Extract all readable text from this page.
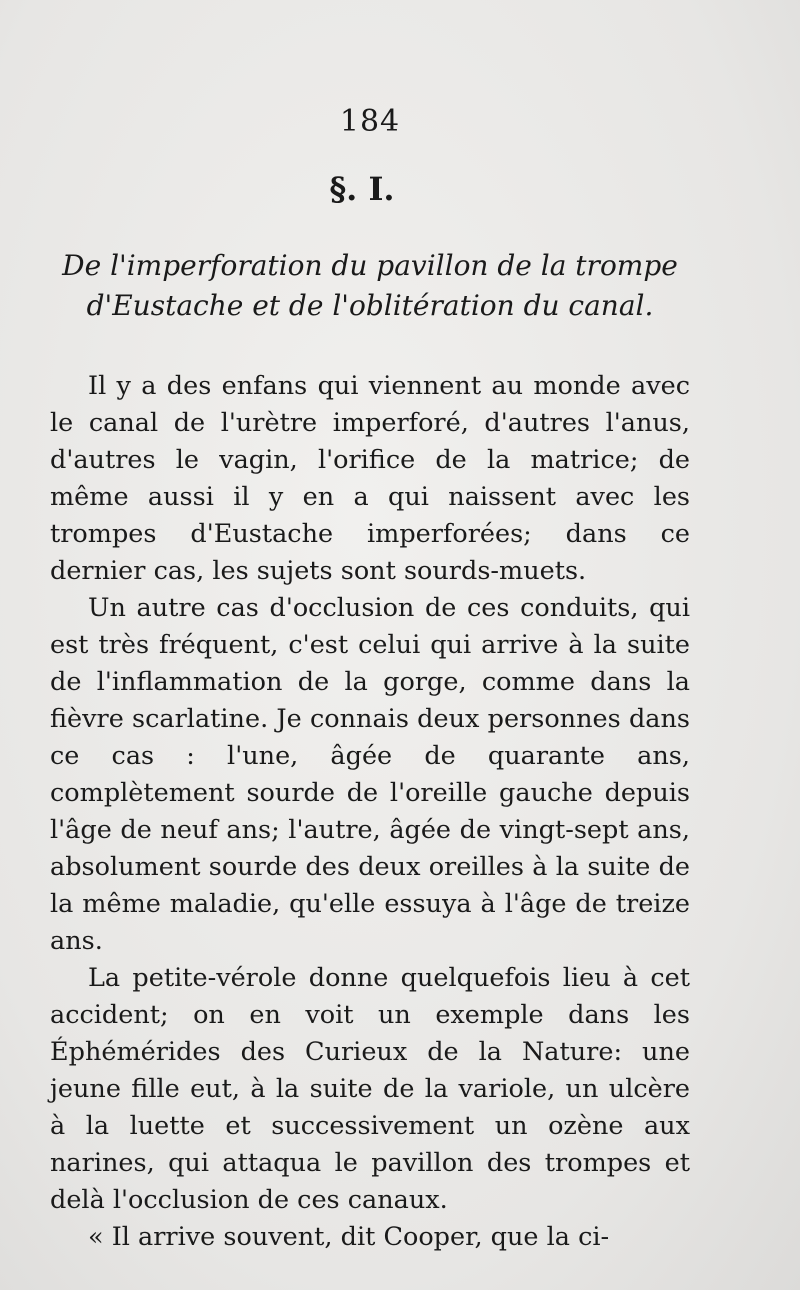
184
§. I.
De l'imperforation du pavillon de la trompe
d'Eustache et de l'oblitération du canal.

Il y a des enfans qui viennent au monde avec le canal de l'urètre imperforé, d'autres l'anus, d'autres le vagin, l'orifice de la matrice; de même aussi il y en a qui naissent avec les trompes d'Eustache imperforées; dans ce dernier cas, les sujets sont sourds-muets.

Un autre cas d'occlusion de ces conduits, qui est très fréquent, c'est celui qui arrive à la suite de l'inflammation de la gorge, comme dans la fièvre scarlatine. Je connais deux personnes dans ce cas : l'une, âgée de quarante ans, complètement sourde de l'oreille gauche depuis l'âge de neuf ans; l'autre, âgée de vingt-sept ans, absolument sourde des deux oreilles à la suite de la même maladie, qu'elle essuya à l'âge de treize ans.

La petite-vérole donne quelquefois lieu à cet accident; on en voit un exemple dans les Éphémérides des Curieux de la Nature: une jeune fille eut, à la suite de la variole, un ulcère à la luette et successivement un ozène aux narines, qui attaqua le pavillon des trompes et delà l'occlusion de ces canaux.

« Il arrive souvent, dit Cooper, que la ci-
